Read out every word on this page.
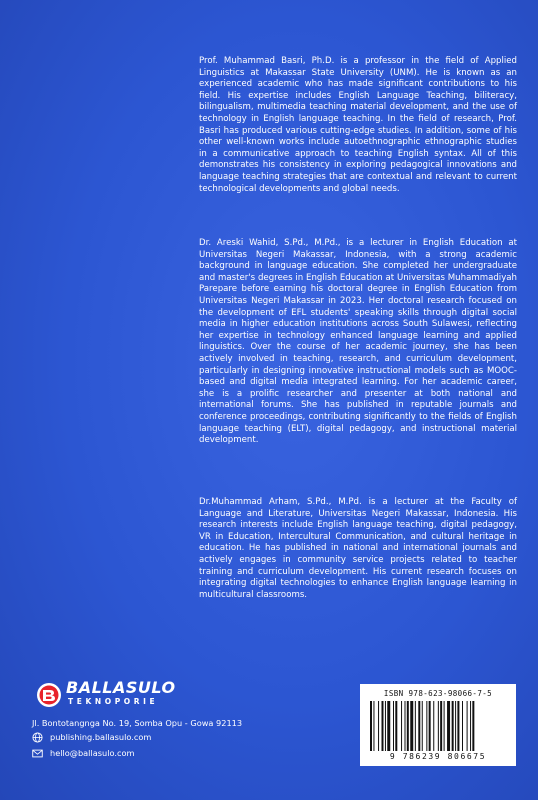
Prof. Muhammad Basri, Ph.D. is a professor in the field of Applied Linguistics at Makassar State University (UNM). He is known as an experienced academic who has made significant contributions to his field. His expertise includes English Language Teaching, biliteracy, bilingualism, multimedia teaching material development, and the use of technology in English language teaching. In the field of research, Prof. Basri has produced various cutting-edge studies. In addition, some of his other well-known works include autoethnographic ethnographic studies in a communicative approach to teaching English syntax. All of this demonstrates his consistency in exploring pedagogical innovations and language teaching strategies that are contextual and relevant to current technological developments and global needs.

Dr. Areski Wahid, S.Pd., M.Pd., is a lecturer in English Education at Universitas Negeri Makassar, Indonesia, with a strong academic background in language education. She completed her undergraduate and master's degrees in English Education at Universitas Muhammadiyah Parepare before earning his doctoral degree in English Education from Universitas Negeri Makassar in 2023. Her doctoral research focused on the development of EFL students' speaking skills through digital social media in higher education institutions across South Sulawesi, reflecting her expertise in technology enhanced language learning and applied linguistics. Over the course of her academic journey, she has been actively involved in teaching, research, and curriculum development, particularly in designing innovative instructional models such as MOOC-based and digital media integrated learning. For her academic career, she is a prolific researcher and presenter at both national and international forums. She has published in reputable journals and conference proceedings, contributing significantly to the fields of English language teaching (ELT), digital pedagogy, and instructional material development.

Dr.Muhammad Arham, S.Pd., M.Pd. is a lecturer at the Faculty of Language and Literature, Universitas Negeri Makassar, Indonesia. His research interests include English language teaching, digital pedagogy, VR in Education, Intercultural Communication, and cultural heritage in education. He has published in national and international journals and actively engages in community service projects related to teacher training and curriculum development. His current research focuses on integrating digital technologies to enhance English language learning in multicultural classrooms.

BALLASULO
TEKNOPORIE
Jl. Bontotangnga No. 19, Somba Opu - Gowa 92113
publishing.ballasulo.com
hello@ballasulo.com
ISBN 978-623-98066-7-5
9 786239 806675
